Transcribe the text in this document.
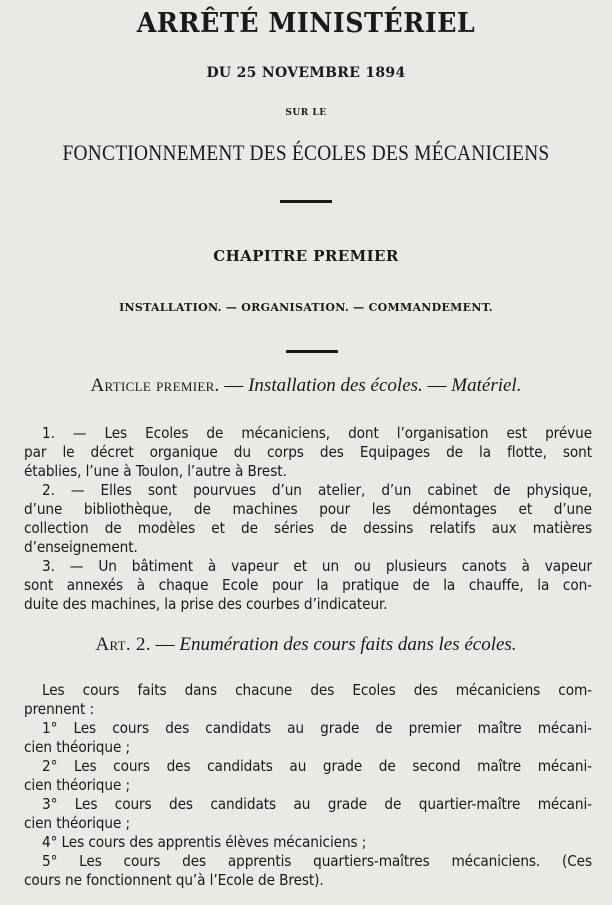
ARRÊTÉ MINISTÉRIEL
DU 25 NOVEMBRE 1894
SUR LE
FONCTIONNEMENT DES ÉCOLES DES MÉCANICIENS
CHAPITRE PREMIER
INSTALLATION. — ORGANISATION. — COMMANDEMENT.
Article premier. — Installation des écoles. — Matériel.
1. — Les Ecoles de mécaniciens, dont l’organisation est prévue
par le décret organique du corps des Equipages de la flotte, sont
établies, l’une à Toulon, l’autre à Brest.
2. — Elles sont pourvues d’un atelier, d’un cabinet de physique,
d’une bibliothèque, de machines pour les démontages et d’une
collection de modèles et de séries de dessins relatifs aux matières
d’enseignement.
3. — Un bâtiment à vapeur et un ou plusieurs canots à vapeur
sont annexés à chaque Ecole pour la pratique de la chauffe, la con-
duite des machines, la prise des courbes d’indicateur.
Art. 2. — Enumération des cours faits dans les écoles.
Les cours faits dans chacune des Ecoles des mécaniciens com-
prennent :
1° Les cours des candidats au grade de premier maître mécani-
cien théorique ;
2° Les cours des candidats au grade de second maître mécani-
cien théorique ;
3° Les cours des candidats au grade de quartier-maître mécani-
cien théorique ;
4° Les cours des apprentis élèves mécaniciens ;
5° Les cours des apprentis quartiers-maîtres mécaniciens. (Ces
cours ne fonctionnent qu’à l’Ecole de Brest).
